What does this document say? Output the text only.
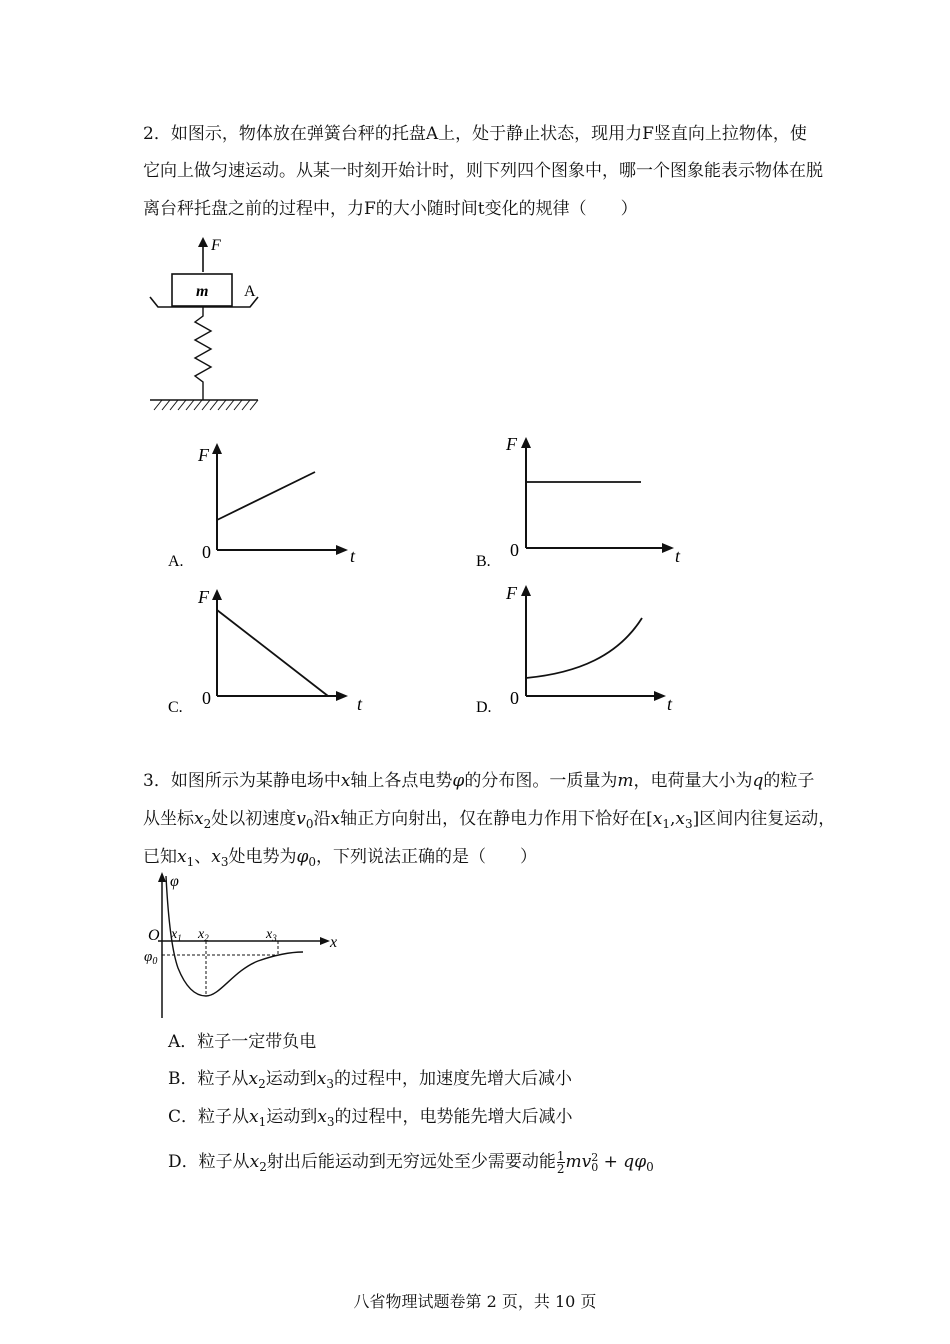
2．如图示，物体放在弹簧台秤的托盘A上，处于静止状态，现用力F竖直向上拉物体，使
它向上做匀速运动。从某一时刻开始计时，则下列四个图象中，哪一个图象能表示物体在脱
离台秤托盘之前的过程中，力F的大小随时间t变化的规律（　　）
F
m A
A.
F
0	t	B.
F
0	t
C.
F
0	t	D.
F
0	t
3．如图所示为某静电场中x轴上各点电势φ的分布图。一质量为m，电荷量大小为q的粒子
从坐标$x_2$处以初速度$v_0$沿x轴正方向射出，仅在静电力作用下恰好在$[x_1,x_3]$区间内往复运动，
已知$x_1$、$x_3$处电势为$\varphi_0$，下列说法正确的是（　　）
φ
x
O
$\varphi_0$
$x_1$ $x_2$	$x_3$
A．粒子一定带负电
B．粒子从$x_2$运动到$x_3$的过程中，加速度先增大后减小
C．粒子从$x_1$运动到$x_3$的过程中，电势能先增大后减小
D．粒子从$x_2$射出后能运动到无穷远处至少需要动能 $\frac{1}{2}$ mv 2
$0 + q\varphi_0$
八省物理试题卷第 2 页，共 10 页
